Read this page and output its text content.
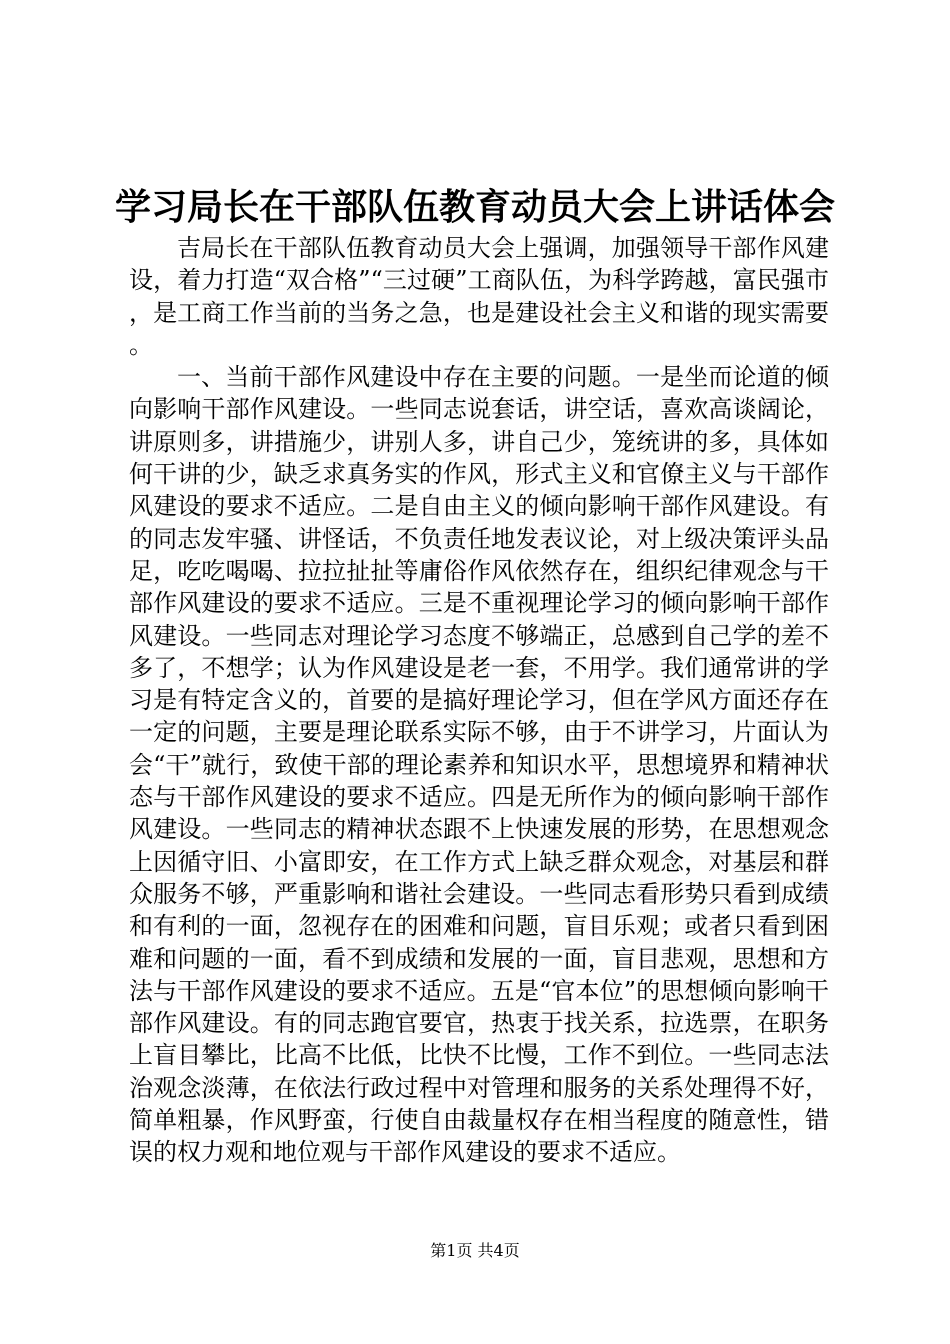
学习局长在干部队伍教育动员大会上讲话体会

吉局长在干部队伍教育动员大会上强调，加强领导干部作风建设，着力打造“双合格”“三过硬”工商队伍，为科学跨越，富民强市，是工商工作当前的当务之急，也是建设社会主义和谐的现实需要。

一、当前干部作风建设中存在主要的问题。一是坐而论道的倾向影响干部作风建设。一些同志说套话，讲空话，喜欢高谈阔论，讲原则多，讲措施少，讲别人多，讲自己少，笼统讲的多，具体如何干讲的少，缺乏求真务实的作风，形式主义和官僚主义与干部作风建设的要求不适应。二是自由主义的倾向影响干部作风建设。有的同志发牢骚、讲怪话，不负责任地发表议论，对上级决策评头品足，吃吃喝喝、拉拉扯扯等庸俗作风依然存在，组织纪律观念与干部作风建设的要求不适应。三是不重视理论学习的倾向影响干部作风建设。一些同志对理论学习态度不够端正，总感到自己学的差不多了，不想学；认为作风建设是老一套，不用学。我们通常讲的学习是有特定含义的，首要的是搞好理论学习，但在学风方面还存在一定的问题，主要是理论联系实际不够，由于不讲学习，片面认为会“干”就行，致使干部的理论素养和知识水平，思想境界和精神状态与干部作风建设的要求不适应。四是无所作为的倾向影响干部作风建设。一些同志的精神状态跟不上快速发展的形势，在思想观念上因循守旧、小富即安，在工作方式上缺乏群众观念，对基层和群众服务不够，严重影响和谐社会建设。一些同志看形势只看到成绩和有利的一面，忽视存在的困难和问题，盲目乐观；或者只看到困难和问题的一面，看不到成绩和发展的一面，盲目悲观，思想和方法与干部作风建设的要求不适应。五是“官本位”的思想倾向影响干部作风建设。有的同志跑官要官，热衷于找关系，拉选票，在职务上盲目攀比，比高不比低，比快不比慢，工作不到位。一些同志法治观念淡薄，在依法行政过程中对管理和服务的关系处理得不好，简单粗暴，作风野蛮，行使自由裁量权存在相当程度的随意性，错误的权力观和地位观与干部作风建设的要求不适应。

第1页 共4页
